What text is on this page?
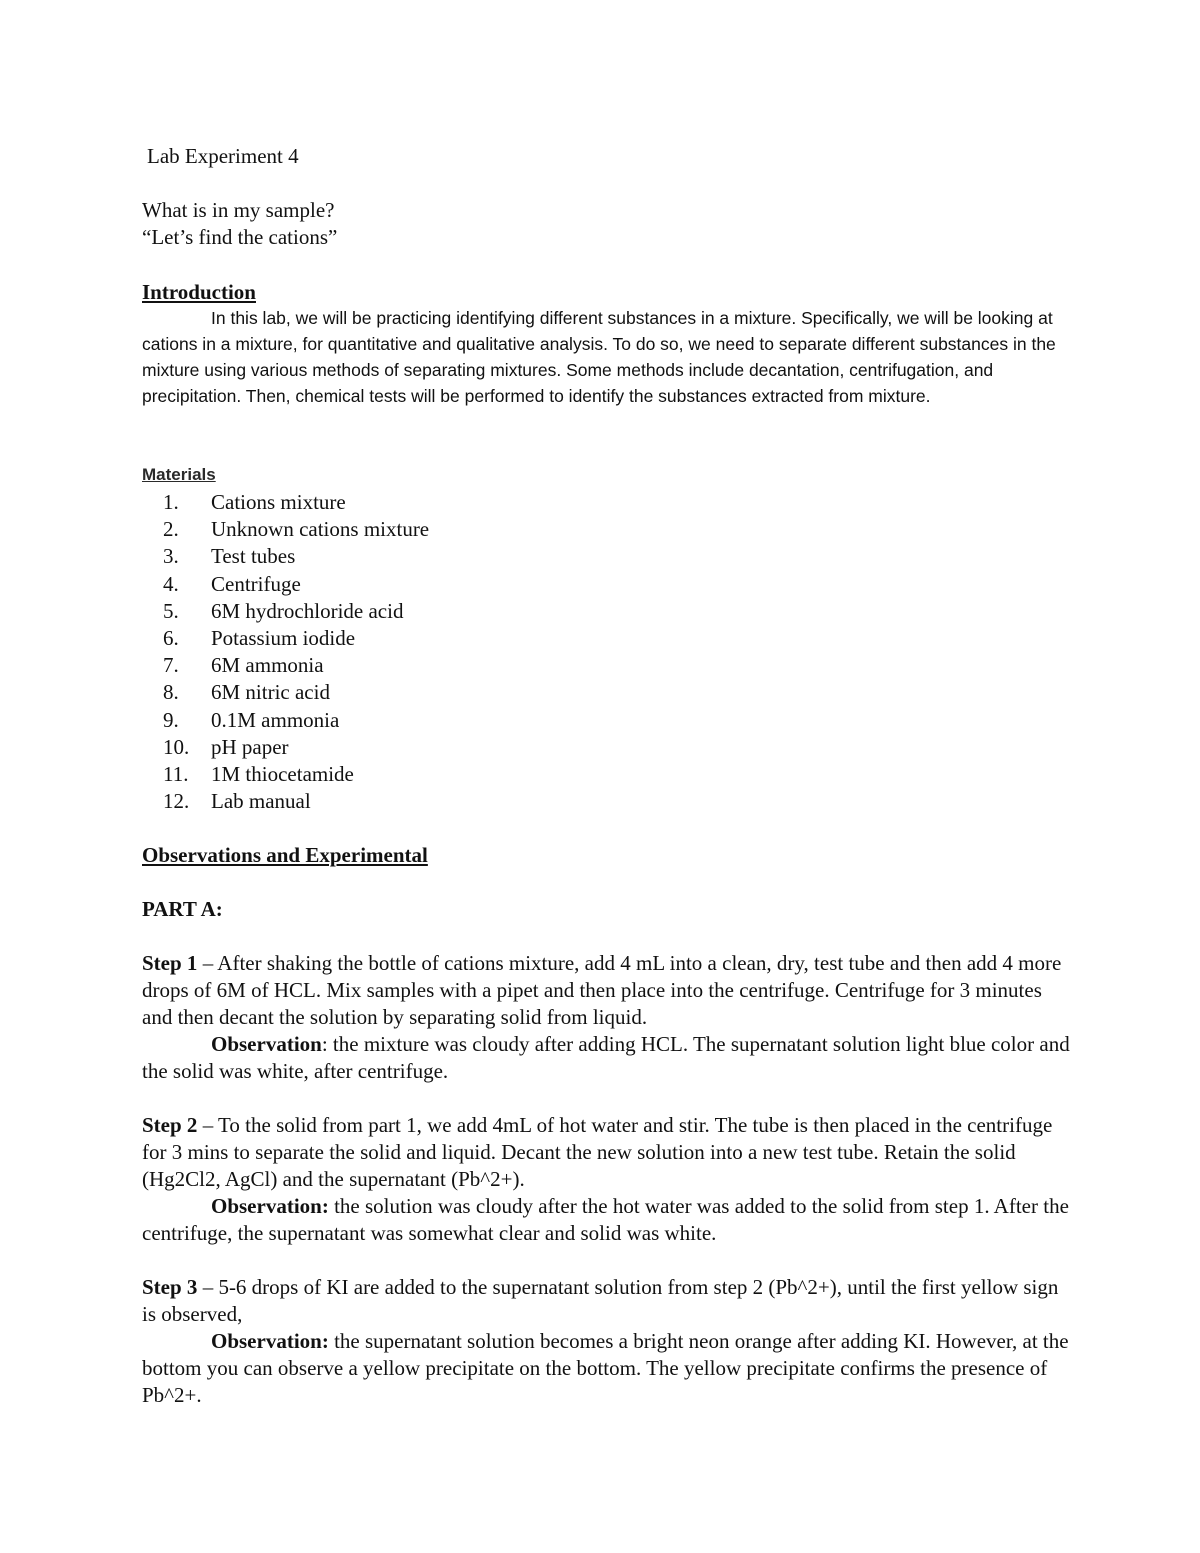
Lab Experiment 4

What is in my sample?

“Let’s find the cations”

Introduction

In this lab, we will be practicing identifying different substances in a mixture. Specifically, we will be looking at cations in a mixture, for quantitative and qualitative analysis. To do so, we need to separate different substances in the mixture using various methods of separating mixtures. Some methods include decantation, centrifugation, and precipitation. Then, chemical tests will be performed to identify the substances extracted from mixture.

Materials

1.	Cations mixture
2.	Unknown cations mixture
3.	Test tubes
4.	Centrifuge
5.	6M hydrochloride acid
6.	Potassium iodide
7.	6M ammonia
8.	6M nitric acid
9.	0.1M ammonia
10.	pH paper
11.	1M thiocetamide
12.	Lab manual

Observations and Experimental

PART A:

Step 1 – After shaking the bottle of cations mixture, add 4 mL into a clean, dry, test tube and then add 4 more drops of 6M of HCL. Mix samples with a pipet and then place into the centrifuge. Centrifuge for 3 minutes and then decant the solution by separating solid from liquid.

Observation: the mixture was cloudy after adding HCL. The supernatant solution light blue color and the solid was white, after centrifuge.

Step 2 – To the solid from part 1, we add 4mL of hot water and stir. The tube is then placed in the centrifuge for 3 mins to separate the solid and liquid. Decant the new solution into a new test tube. Retain the solid (Hg2Cl2, AgCl) and the supernatant (Pb^2+).

Observation: the solution was cloudy after the hot water was added to the solid from step 1. After the centrifuge, the supernatant was somewhat clear and solid was white.

Step 3 – 5-6 drops of KI are added to the supernatant solution from step 2 (Pb^2+), until the first yellow sign is observed,

Observation: the supernatant solution becomes a bright neon orange after adding KI. However, at the bottom you can observe a yellow precipitate on the bottom. The yellow precipitate confirms the presence of Pb^2+.
